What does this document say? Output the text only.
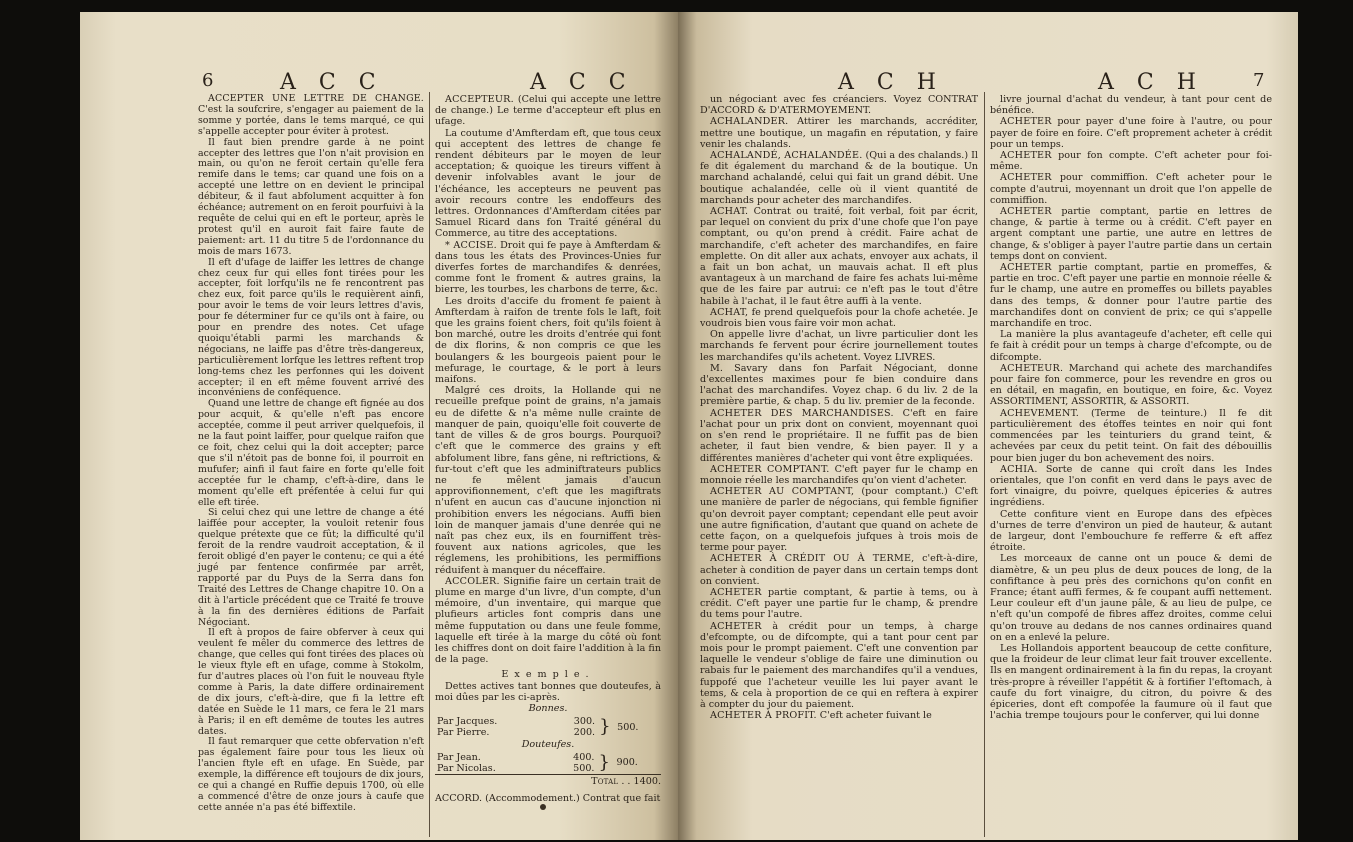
6	A C C	A C C

ACCEPTER UNE LETTRE DE CHANGE. C'est la soufcrire, s'engager au paiement de la somme y portée, dans le tems marqué, ce qui s'appelle accepter pour éviter à protest.

Il faut bien prendre garde à ne point accepter des lettres que l'on n'ait provision en main, ou qu'on ne feroit certain qu'elle fera remife dans le tems; car quand une fois on a accepté une lettre on en devient le principal débiteur, & il faut abfolument acquitter à fon échéance; autrement on en feroit pourfuivi à la requête de celui qui en eft le porteur, après le protest qu'il en auroit fait faire faute de paiement: art. 11 du titre 5 de l'ordonnance du mois de mars 1673.

Il eft d'ufage de laiffer les lettres de change chez ceux fur qui elles font tirées pour les accepter, foit lorfqu'ils ne fe rencontrent pas chez eux, foit parce qu'ils le requièrent ainfi, pour avoir le tems de voir leurs lettres d'avis, pour fe déterminer fur ce qu'ils ont à faire, ou pour en prendre des notes. Cet ufage quoiqu'établi parmi les marchands & négocians, ne laiffe pas d'être très-dangereux, particulièrement lorfque les lettres reftent trop long-tems chez les perfonnes qui les doivent accepter; il en eft même fouvent arrivé des inconvéniens de conféquence.

Quand une lettre de change eft fignée au dos pour acquit, & qu'elle n'eft pas encore acceptée, comme il peut arriver quelquefois, il ne la faut point laiffer, pour quelque raifon que ce foit, chez celui qui la doit accepter; parce que s'il n'étoit pas de bonne foi, il pourroit en mufufer; ainfi il faut faire en forte qu'elle foit acceptée fur le champ, c'eft-à-dire, dans le moment qu'elle eft préfentée à celui fur qui elle eft tirée.

Si celui chez qui une lettre de change a été laiffée pour accepter, la vouloit retenir fous quelque prétexte que ce fût; la difficulté qu'il feroit de la rendre vaudroit acceptation, & il feroit obligé d'en payer le contenu; ce qui a été jugé par fentence confirmée par arrêt, rapporté par du Puys de la Serra dans fon Traité des Lettres de Change chapitre 10. On a dit à l'article précédent que ce Traité fe trouve à la fin des dernières éditions de Parfait Négociant.

Il eft à propos de faire obferver à ceux qui veulent fe mêler du commerce des lettres de change, que celles qui font tirées des places où le vieux ftyle eft en ufage, comme à Stokolm, fur d'autres places où l'on fuit le nouveau ftyle comme à Paris, la date differe ordinairement de dix jours, c'eft-à-dire, que fi la lettre eft datée en Suède le 11 mars, ce fera le 21 mars à Paris; il en eft demême de toutes les autres dates.

Il faut remarquer que cette obfervation n'eft pas également faire pour tous les lieux où l'ancien ftyle eft en ufage. En Suède, par exemple, la différence eft toujours de dix jours, ce qui a changé en Ruffie depuis 1700, où elle a commencé d'être de onze jours à caufe que cette année n'a pas été biffextile.

ACCEPTEUR. (Celui qui accepte une lettre de change.) Le terme d'accepteur eft plus en ufage.

La coutume d'Amfterdam eft, que tous ceux qui acceptent des lettres de change fe rendent débiteurs par le moyen de leur acceptation; & quoique les tireurs viffent à devenir infolvables avant le jour de l'échéance, les accepteurs ne peuvent pas avoir recours contre les endoffeurs des lettres. Ordonnances d'Amfterdam citées par Samuel Ricard dans fon Traité général du Commerce, au titre des acceptations.

* ACCISE. Droit qui fe paye à Amfterdam & dans tous les états des Provinces-Unies fur diverfes fortes de marchandifes & denrées, comme font le froment & autres grains, la bierre, les tourbes, les charbons de terre, &c.

Les droits d'accife du froment fe paient à Amfterdam à raifon de trente fols le laft, foit que les grains foient chers, foit qu'ils foient à bon marché, outre les droits d'entrée qui font de dix florins, & non compris ce que les boulangers & les bourgeois paient pour le mefurage, le courtage, & le port à leurs maifons.

Malgré ces droits, la Hollande qui ne recueille prefque point de grains, n'a jamais eu de difette & n'a même nulle crainte de manquer de pain, quoiqu'elle foit couverte de tant de villes & de gros bourgs. Pourquoi? c'eft que le commerce des grains y eft abfolument libre, fans gêne, ni reftrictions, & fur-tout c'eft que les adminiftrateurs publics ne fe mêlent jamais d'aucun approvifionnement, c'eft que les magiftrats n'ufent en aucun cas d'aucune injonction ni prohibition envers les négocians. Auffi bien loin de manquer jamais d'une denrée qui ne naît pas chez eux, ils en fourniffent très-fouvent aux nations agricoles, que les réglemens, les prohibitions, les permiffions réduifent à manquer du néceffaire.

ACCOLER. Signifie faire un certain trait de plume en marge d'un livre, d'un compte, d'un mémoire, d'un inventaire, qui marque que plufieurs articles font compris dans une même fupputation ou dans une feule fomme, laquelle eft tirée à la marge du côté où font les chiffres dont on doit faire l'addition à la fin de la page.

Exemple.

Dettes actives tant bonnes que douteufes, à moi dûes par les ci-après.

Bonnes.
Par Jacques.	300.	}	500.
Par Pierre.	200.		
Douteufes.
Par Jean.	400.	}	900.
Par Nicolas.	500.		
Total . . 1400.

ACCORD. (Accommodement.) Contrat que fait

A C H	A C H	7

un négociant avec fes créanciers. Voyez CONTRAT D'ACCORD & D'ATERMOYEMENT.

ACHALANDER. Attirer les marchands, accréditer, mettre une boutique, un magafin en réputation, y faire venir les chalands.

ACHALANDÉ, ACHALANDÉE. (Qui a des chalands.) Il fe dit également du marchand & de la boutique. Un marchand achalandé, celui qui fait un grand débit. Une boutique achalandée, celle où il vient quantité de marchands pour acheter des marchandifes.

ACHAT. Contrat ou traité, foit verbal, foit par écrit, par lequel on convient du prix d'une chofe que l'on paye comptant, ou qu'on prend à crédit. Faire achat de marchandife, c'eft acheter des marchandifes, en faire emplette. On dit aller aux achats, envoyer aux achats, il a fait un bon achat, un mauvais achat. Il eft plus avantageux à un marchand de faire fes achats lui-même que de les faire par autrui: ce n'eft pas le tout d'être habile à l'achat, il le faut être auffi à la vente.

ACHAT, fe prend quelquefois pour la chofe achetée. Je voudrois bien vous faire voir mon achat.

On appelle livre d'achat, un livre particulier dont les marchands fe fervent pour écrire journellement toutes les marchandifes qu'ils achetent. Voyez LIVRES.

M. Savary dans fon Parfait Négociant, donne d'excellentes maximes pour fe bien conduire dans l'achat des marchandifes. Voyez chap. 6 du liv. 2 de la première partie, & chap. 5 du liv. premier de la feconde.

ACHETER DES MARCHANDISES. C'eft en faire l'achat pour un prix dont on convient, moyennant quoi on s'en rend le propriétaire. Il ne fuffit pas de bien acheter, il faut bien vendre, & bien payer. Il y a différentes manières d'acheter qui vont être expliquées.

ACHETER COMPTANT. C'eft payer fur le champ en monnoie réelle les marchandifes qu'on vient d'acheter.

ACHETER AU COMPTANT, (pour comptant.) C'eft une manière de parler de négocians, qui femble fignifier qu'on devroit payer comptant; cependant elle peut avoir une autre fignification, d'autant que quand on achete de cette façon, on a quelquefois jufques à trois mois de terme pour payer.

ACHETER À CRÉDIT OU À TERME, c'eft-à-dire, acheter à condition de payer dans un certain temps dont on convient.

ACHETER partie comptant, & partie à tems, ou à crédit. C'eft payer une partie fur le champ, & prendre du tems pour l'autre.

ACHETER à crédit pour un temps, à charge d'efcompte, ou de difcompte, qui a tant pour cent par mois pour le prompt paiement. C'eft une convention par laquelle le vendeur s'oblige de faire une diminution ou rabais fur le paiement des marchandifes qu'il a vendues, fuppofé que l'acheteur veuille les lui payer avant le tems, & cela à proportion de ce qui en reftera à expirer à compter du jour du paiement.

ACHETER À PROFIT. C'eft acheter fuivant le

livre journal d'achat du vendeur, à tant pour cent de bénéfice.

ACHETER pour payer d'une foire à l'autre, ou pour payer de foire en foire. C'eft proprement acheter à crédit pour un temps.

ACHETER pour fon compte. C'eft acheter pour foi-même.

ACHETER pour commiffion. C'eft acheter pour le compte d'autrui, moyennant un droit que l'on appelle de commiffion.

ACHETER partie comptant, partie en lettres de change, & partie à terme ou à crédit. C'eft payer en argent comptant une partie, une autre en lettres de change, & s'obliger à payer l'autre partie dans un certain temps dont on convient.

ACHETER partie comptant, partie en promeffes, & partie en troc. C'eft payer une partie en monnoie réelle & fur le champ, une autre en promeffes ou billets payables dans des temps, & donner pour l'autre partie des marchandifes dont on convient de prix; ce qui s'appelle marchandife en troc.

La manière la plus avantageufe d'acheter, eft celle qui fe fait à crédit pour un temps à charge d'efcompte, ou de difcompte.

ACHETEUR. Marchand qui achete des marchandifes pour faire fon commerce, pour les revendre en gros ou en détail, en magafin, en boutique, en foire, &c. Voyez ASSORTIMENT, ASSORTIR, & ASSORTI.

ACHEVEMENT. (Terme de teinture.) Il fe dit particulièrement des étoffes teintes en noir qui font commencées par les teinturiers du grand teint, & achevées par ceux du petit teint. On fait des débouillis pour bien juger du bon achevement des noirs.

ACHIA. Sorte de canne qui croît dans les Indes orientales, que l'on confit en verd dans le pays avec de fort vinaigre, du poivre, quelques épiceries & autres ingrédiens.

Cette confiture vient en Europe dans des efpèces d'urnes de terre d'environ un pied de hauteur, & autant de largeur, dont l'embouchure fe refferre & eft affez étroite.

Les morceaux de canne ont un pouce & demi de diamètre, & un peu plus de deux pouces de long, de la confiftance à peu près des cornichons qu'on confit en France; étant auffi fermes, & fe coupant auffi nettement. Leur couleur eft d'un jaune pâle, & au lieu de pulpe, ce n'eft qu'un compofé de fibres affez droites, comme celui qu'on trouve au dedans de nos cannes ordinaires quand on en a enlevé la pelure.

Les Hollandois apportent beaucoup de cette confiture, que la froideur de leur climat leur fait trouver excellente. Ils en mangent ordinairement à la fin du repas, la croyant très-propre à réveiller l'appétit & à fortifier l'eftomach, à caufe du fort vinaigre, du citron, du poivre & des épiceries, dont eft compofée la faumure où il faut que l'achia trempe toujours pour le conferver, qui lui donne
